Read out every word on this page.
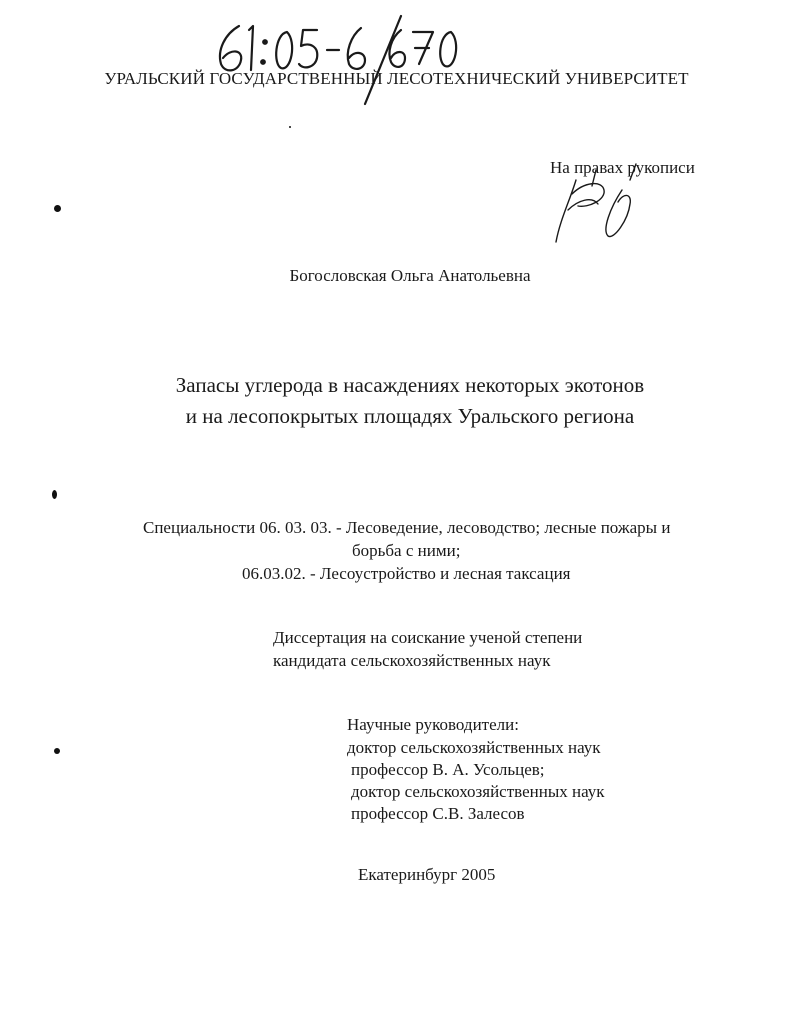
УРАЛЬСКИЙ ГОСУДАРСТВЕННЫЙ ЛЕСОТЕХНИЧЕСКИЙ УНИВЕРСИТЕТ
На правах рукописи
Богословская Ольга Анатольевна
Запасы углерода в насаждениях некоторых экотонов
и на лесопокрытых площадях Уральского региона
Специальности 06. 03. 03. - Лесоведение, лесоводство; лесные пожары и
борьба с ними;
06.03.02. - Лесоустройство и лесная таксация
Диссертация на соискание ученой степени
кандидата сельскохозяйственных наук
Научные руководители:
доктор сельскохозяйственных наук
профессор В. А. Усольцев;
доктор сельскохозяйственных наук
профессор С.В. Залесов
Екатеринбург 2005
